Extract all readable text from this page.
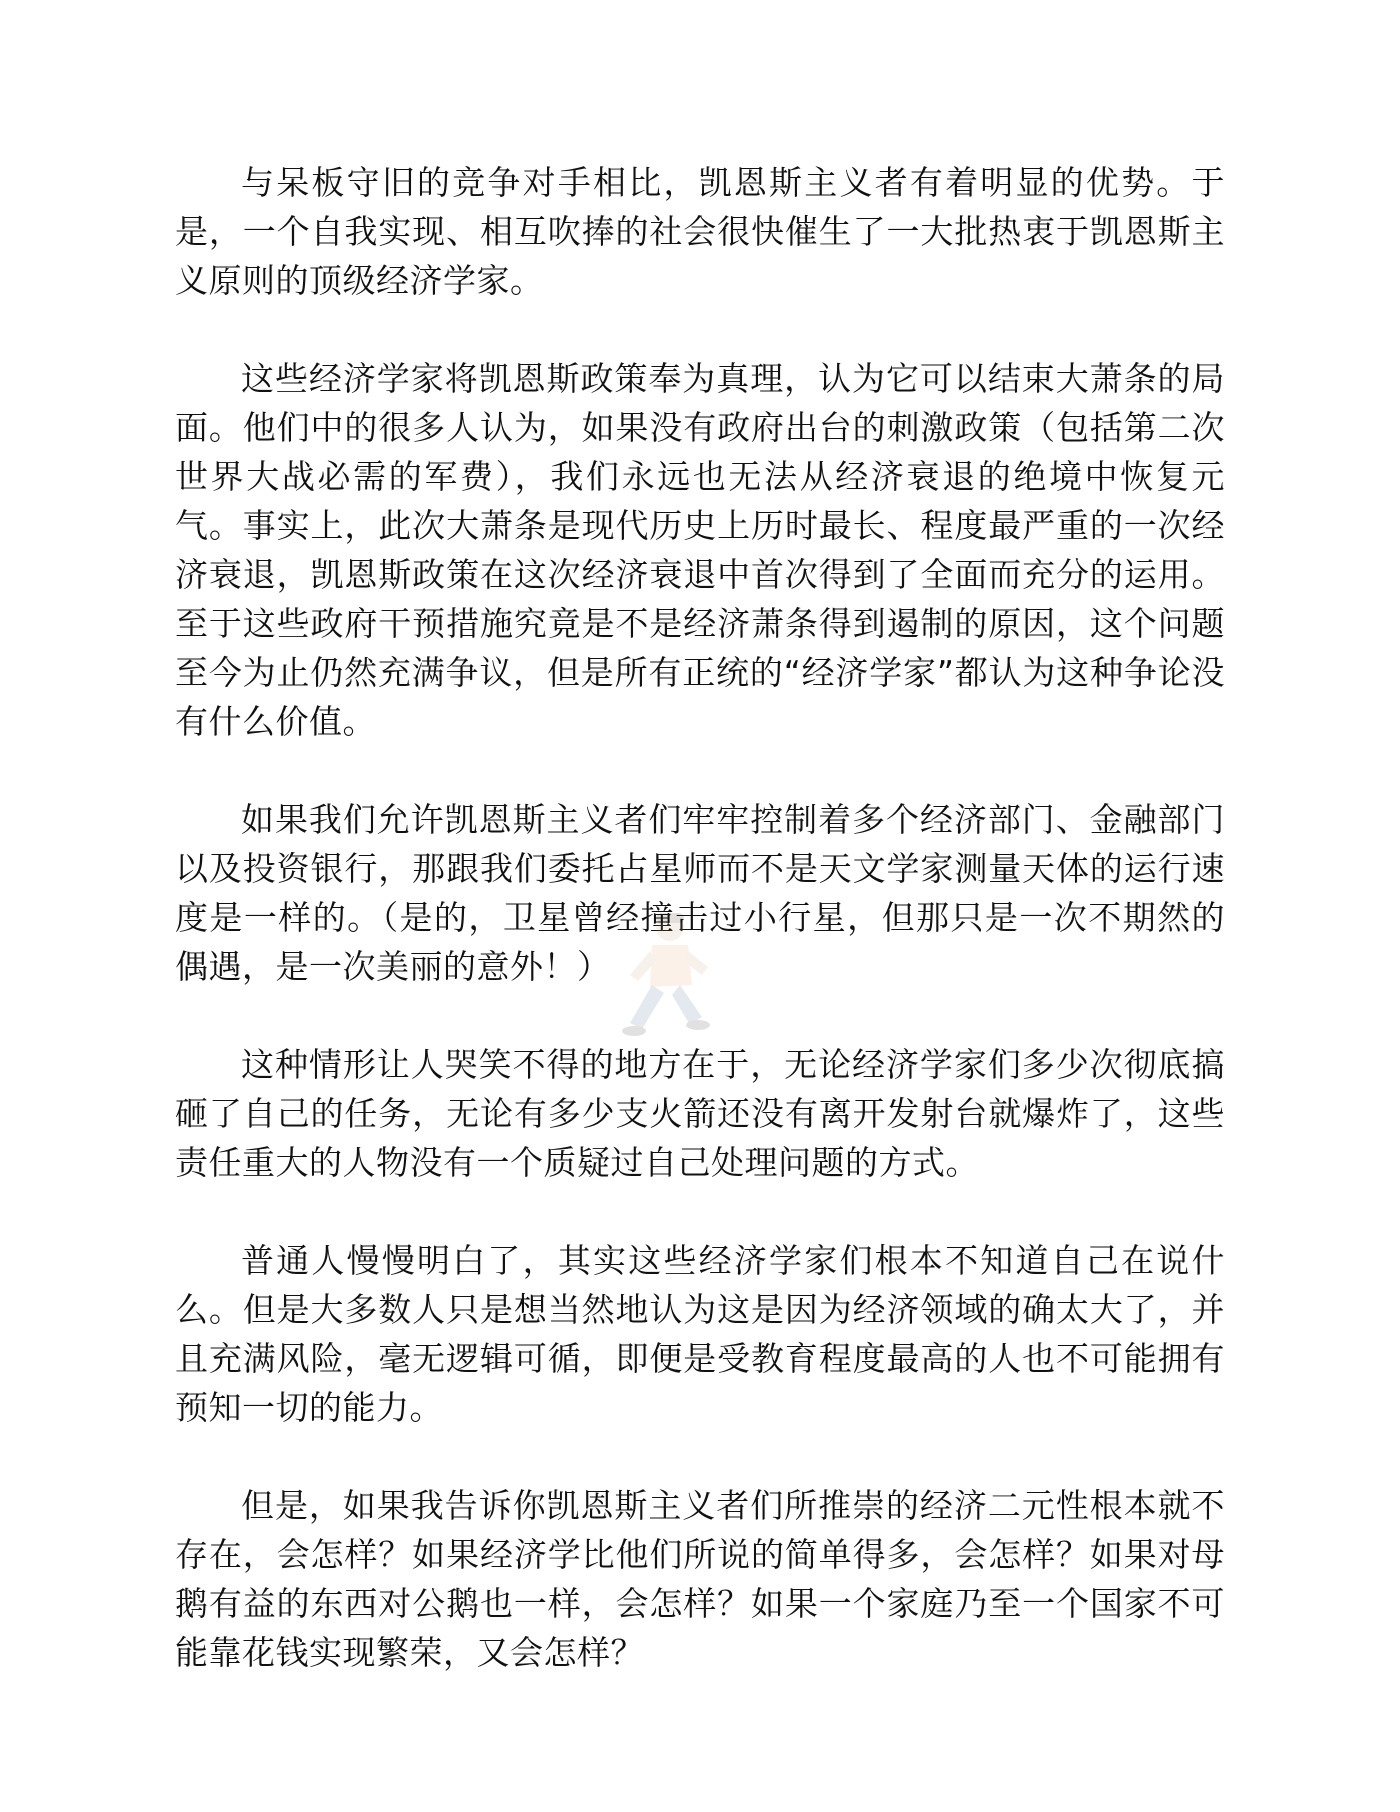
与呆板守旧的竞争对手相比，凯恩斯主义者有着明显的优势。于是，一个自我实现、相互吹捧的社会很快催生了一大批热衷于凯恩斯主义原则的顶级经济学家。

这些经济学家将凯恩斯政策奉为真理，认为它可以结束大萧条的局面。他们中的很多人认为，如果没有政府出台的刺激政策（包括第二次世界大战必需的军费），我们永远也无法从经济衰退的绝境中恢复元气。事实上，此次大萧条是现代历史上历时最长、程度最严重的一次经济衰退，凯恩斯政策在这次经济衰退中首次得到了全面而充分的运用。至于这些政府干预措施究竟是不是经济萧条得到遏制的原因，这个问题至今为止仍然充满争议，但是所有正统的“经济学家”都认为这种争论没有什么价值。

如果我们允许凯恩斯主义者们牢牢控制着多个经济部门、金融部门以及投资银行，那跟我们委托占星师而不是天文学家测量天体的运行速度是一样的。（是的，卫星曾经撞击过小行星，但那只是一次不期然的偶遇，是一次美丽的意外！）

这种情形让人哭笑不得的地方在于，无论经济学家们多少次彻底搞砸了自己的任务，无论有多少支火箭还没有离开发射台就爆炸了，这些责任重大的人物没有一个质疑过自己处理问题的方式。

普通人慢慢明白了，其实这些经济学家们根本不知道自己在说什么。但是大多数人只是想当然地认为这是因为经济领域的确太大了，并且充满风险，毫无逻辑可循，即便是受教育程度最高的人也不可能拥有预知一切的能力。

但是，如果我告诉你凯恩斯主义者们所推崇的经济二元性根本就不存在，会怎样？如果经济学比他们所说的简单得多，会怎样？如果对母鹅有益的东西对公鹅也一样，会怎样？如果一个家庭乃至一个国家不可能靠花钱实现繁荣，又会怎样？
